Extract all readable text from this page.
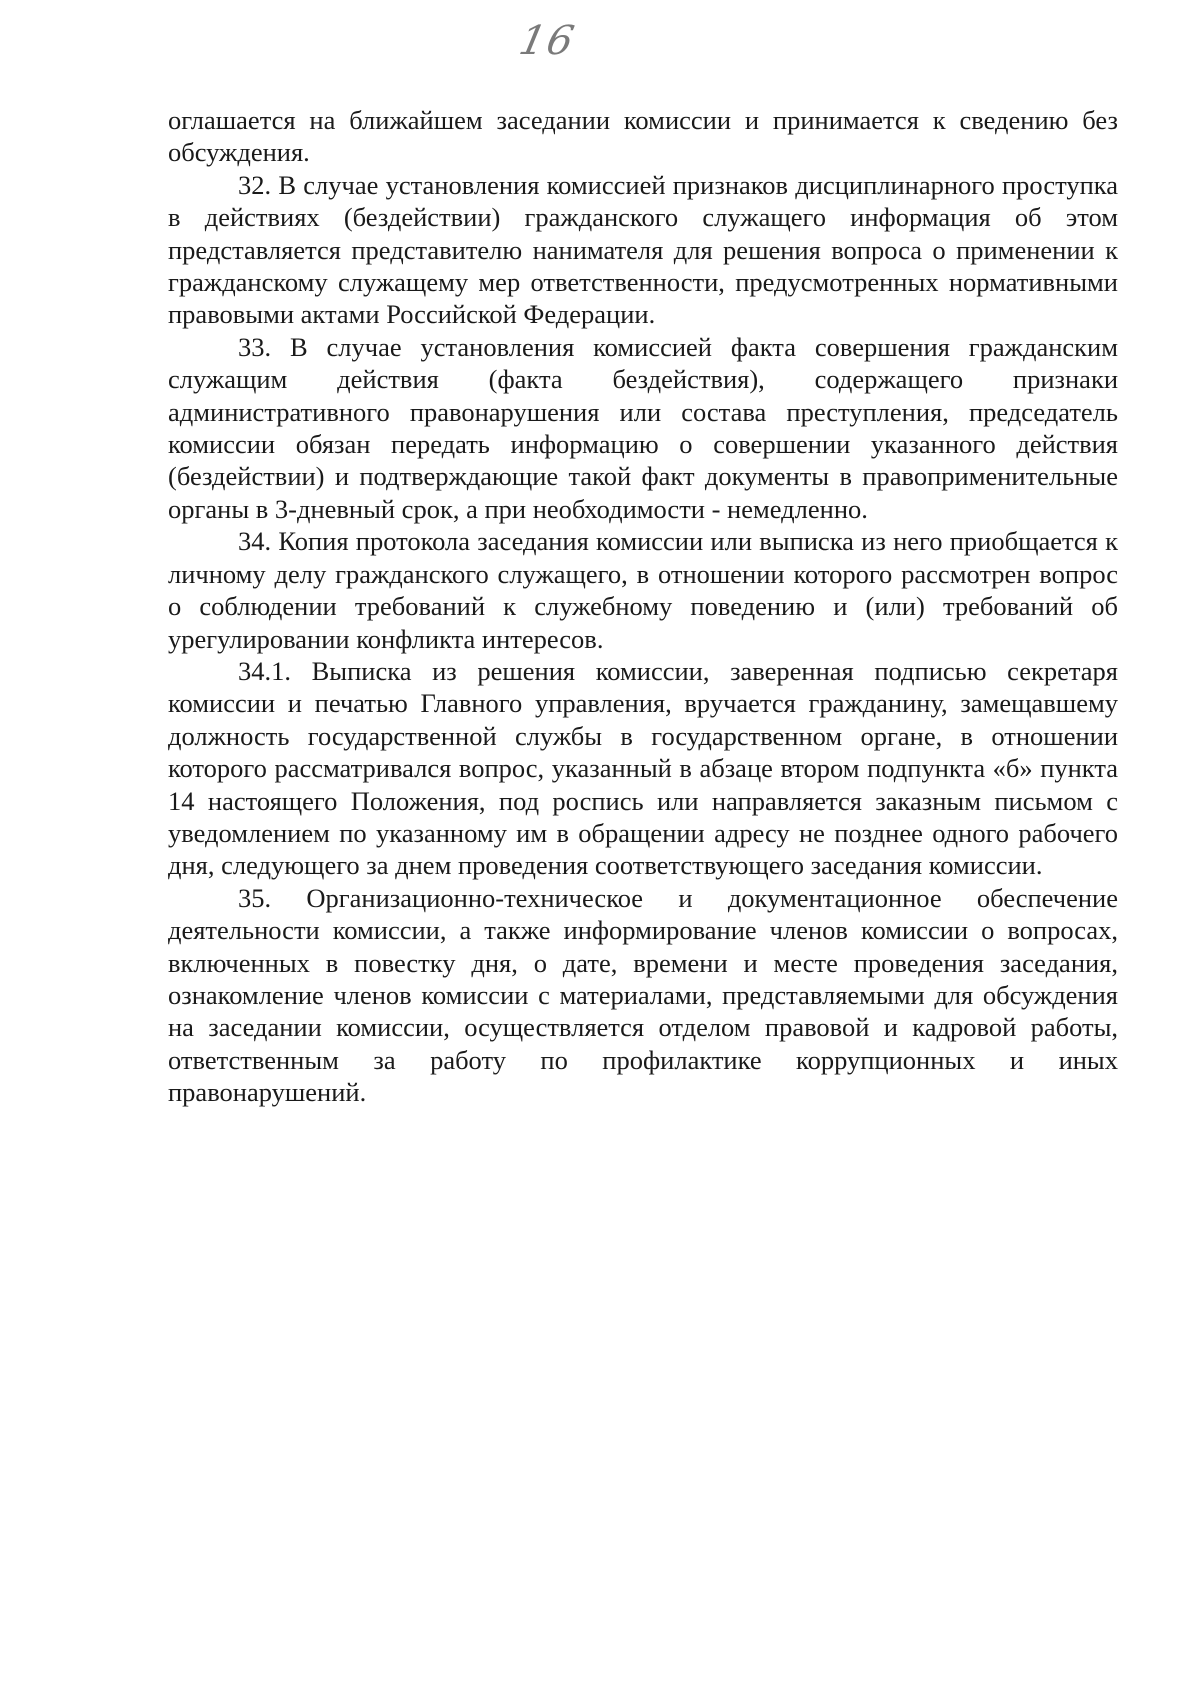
16

оглашается на ближайшем заседании комиссии и принимается к сведению без обсуждения.

32. В случае установления комиссией признаков дисциплинарного проступка в действиях (бездействии) гражданского служащего информация об этом представляется представителю нанимателя для решения вопроса о применении к гражданскому служащему мер ответственности, предусмотренных нормативными правовыми актами Российской Федерации.

33. В случае установления комиссией факта совершения гражданским служащим действия (факта бездействия), содержащего признаки административного правонарушения или состава преступления, председатель комиссии обязан передать информацию о совершении указанного действия (бездействии) и подтверждающие такой факт документы в правоприменительные органы в 3-дневный срок, а при необходимости - немедленно.

34. Копия протокола заседания комиссии или выписка из него приобщается к личному делу гражданского служащего, в отношении которого рассмотрен вопрос о соблюдении требований к служебному поведению и (или) требований об урегулировании конфликта интересов.

34.1. Выписка из решения комиссии, заверенная подписью секретаря комиссии и печатью Главного управления, вручается гражданину, замещавшему должность государственной службы в государственном органе, в отношении которого рассматривался вопрос, указанный в абзаце втором подпункта «б» пункта 14 настоящего Положения, под роспись или направляется заказным письмом с уведомлением по указанному им в обращении адресу не позднее одного рабочего дня, следующего за днем проведения соответствующего заседания комиссии.

35. Организационно-техническое и документационное обеспечение деятельности комиссии, а также информирование членов комиссии о вопросах, включенных в повестку дня, о дате, времени и месте проведения заседания, ознакомление членов комиссии с материалами, представляемыми для обсуждения на заседании комиссии, осуществляется отделом правовой и кадровой работы, ответственным за работу по профилактике коррупционных и иных правонарушений.
